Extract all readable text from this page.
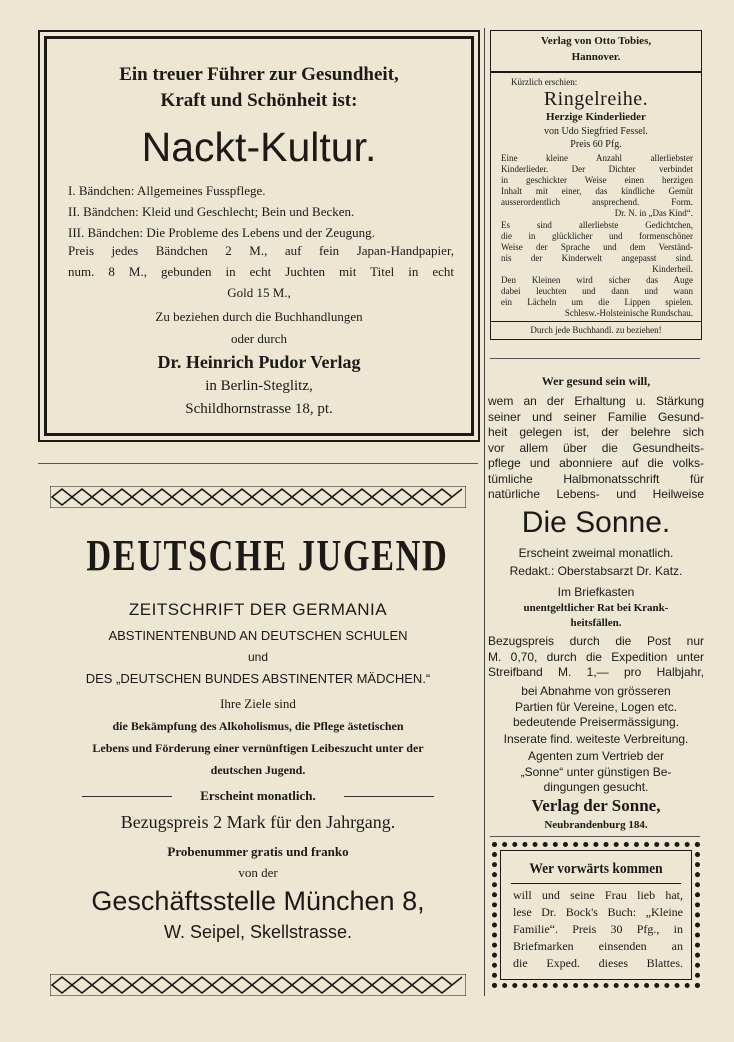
Ein treuer Führer zur Gesundheit,
Kraft und Schönheit ist:
Nackt-Kultur.
I. Bändchen: Allgemeines Fusspflege.
II. Bändchen: Kleid und Geschlecht; Bein und Becken.
III. Bändchen: Die Probleme des Lebens und der Zeugung.
Preis jedes Bändchen 2 M., auf fein Japan-Handpapier,
num. 8 M., gebunden in echt Juchten mit Titel in echt
Gold 15 M.,
Zu beziehen durch die Buchhandlungen
oder durch
Dr. Heinrich Pudor Verlag
in Berlin-Steglitz,
Schildhornstrasse 18, pt.
DEUTSCHE JUGEND
ZEITSCHRIFT DER GERMANIA
ABSTINENTENBUND AN DEUTSCHEN SCHULEN
und
DES „DEUTSCHEN BUNDES ABSTINENTER MÄDCHEN.“
Ihre Ziele sind
die Bekämpfung des Alkoholismus, die Pflege ästetischen
Lebens und Förderung einer vernünftigen Leibeszucht unter der
deutschen Jugend.
Erscheint monatlich.
Bezugspreis 2 Mark für den Jahrgang.
Probenummer gratis und franko
von der
Geschäftsstelle München 8,
W. Seipel, Skellstrasse.
Verlag von Otto Tobies,
Hannover.
Kürzlich erschien:
Ringelreihe.
Herzige Kinderlieder
von Udo Siegfried Fessel.
Preis 60 Pfg.
Eine kleine Anzahl allerliebster
Kinderlieder. Der Dichter verbindet
in geschickter Weise einen herzigen
Inhalt mit einer, das kindliche Gemüt
ausserordentlich ansprechend. Form.
Dr. N. in „Das Kind“.
Es sind allerliebste Gedichtchen,
die in glücklicher und formenschöner
Weise der Sprache und dem Verständ-
nis der Kinderwelt angepasst sind.
Kinderheil.
Den Kleinen wird sicher das Auge
dabei leuchten und dann und wann
ein Lächeln um die Lippen spielen.
Schlesw.-Holsteinische Rundschau.
Durch jede Buchhandl. zu beziehen!
Wer gesund sein will,
wem an der Erhaltung u. Stärkung
seiner und seiner Familie Gesund-
heit gelegen ist, der belehre sich
vor allem über die Gesundheits-
pflege und abonniere auf die volks-
tümliche Halbmonatsschrift für
natürliche Lebens- und Heilweise
Die Sonne.
Erscheint zweimal monatlich.
Redakt.: Oberstabsarzt Dr. Katz.
Im Briefkasten
unentgeltlicher Rat bei Krank-
heitsfällen.
Bezugspreis durch die Post nur
M. 0,70, durch die Expedition unter
Streifband M. 1,— pro Halbjahr,
bei Abnahme von grösseren
Partien für Vereine, Logen etc.
bedeutende Preisermässigung.
Inserate find. weiteste Verbreitung.
Agenten zum Vertrieb der
„Sonne“ unter günstigen Be-
dingungen gesucht.
Verlag der Sonne,
Neubrandenburg 184.
Wer vorwärts kommen
will und seine Frau lieb hat,
lese Dr. Bock's Buch: „Kleine
Familie“. Preis 30 Pfg., in
Briefmarken einsenden an
die Exped. dieses Blattes.
